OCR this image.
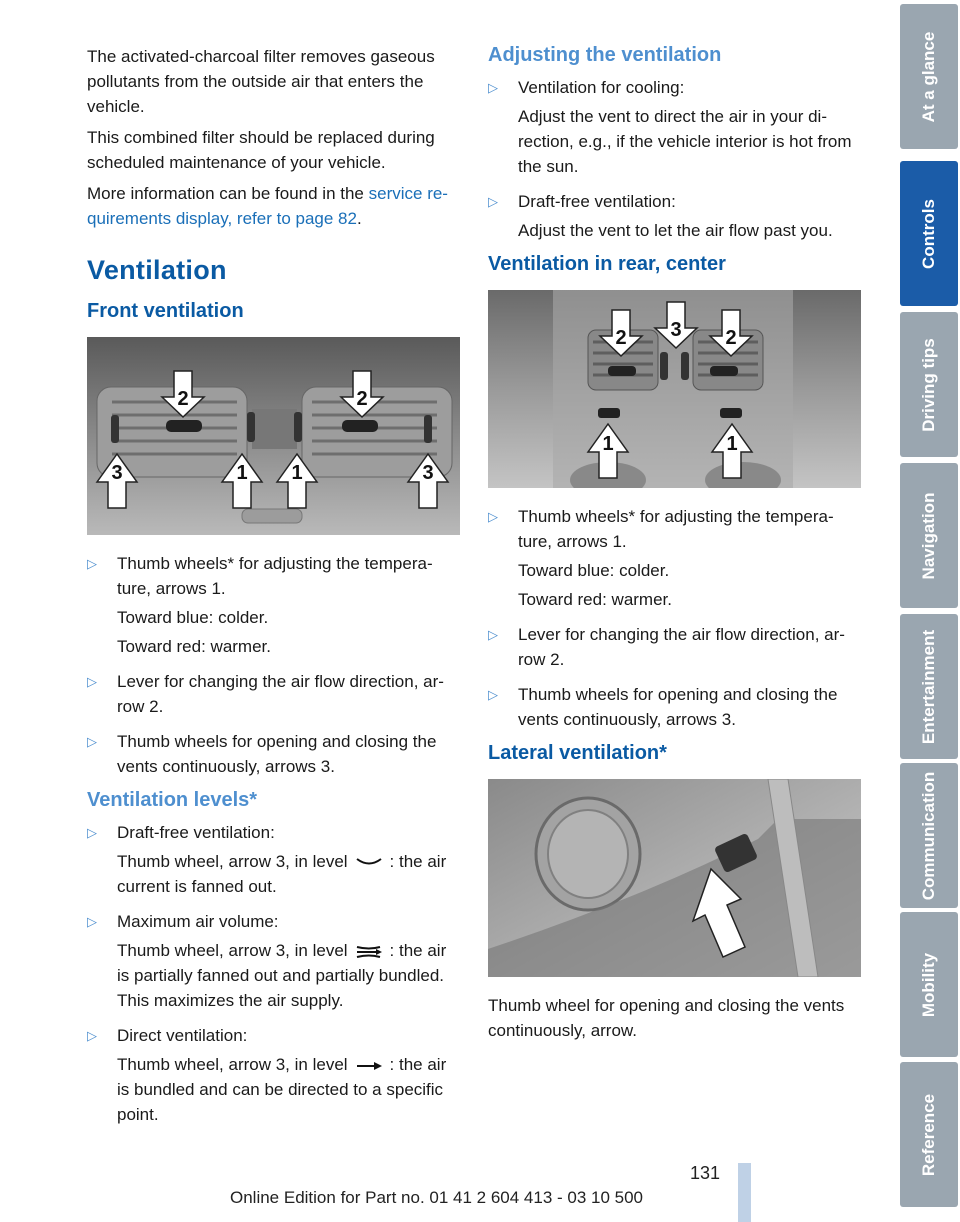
The activated-charcoal filter removes gaseous pollutants from the outside air that enters the vehicle.

This combined filter should be replaced during scheduled maintenance of your vehicle.

More information can be found in the service re-quirements display, refer to page 82.

Ventilation
Front ventilation
2	2
3	1 1	3
▷ Thumb wheels* for adjusting the tempera-ture, arrows 1.

Toward blue: colder.

Toward red: warmer.

▷ Lever for changing the air flow direction, ar-row 2.

▷ Thumb wheels for opening and closing the vents continuously, arrows 3.

Ventilation levels*
▷ Draft-free ventilation:

Thumb wheel, arrow 3, in level : the air current is fanned out.

▷ Maximum air volume:

Thumb wheel, arrow 3, in level : the air is partially fanned out and partially bundled. This maximizes the air supply.

▷ Direct ventilation:

Thumb wheel, arrow 3, in level : the air is bundled and can be directed to a specific point.

Adjusting the ventilation
▷ Ventilation for cooling:

Adjust the vent to direct the air in your di-rection, e.g., if the vehicle interior is hot from the sun.

▷ Draft-free ventilation:

Adjust the vent to let the air flow past you.

Ventilation in rear, center
2 3 2
1	1
▷ Thumb wheels* for adjusting the tempera-ture, arrows 1.

Toward blue: colder.

Toward red: warmer.

▷ Lever for changing the air flow direction, ar-row 2.

▷ Thumb wheels for opening and closing the vents continuously, arrows 3.

Lateral ventilation*

Thumb wheel for opening and closing the vents continuously, arrow.

At a glance
Controls
Driving tips
Navigation
Entertainment
Communication
Mobility
Reference
131
Online Edition for Part no. 01 41 2 604 413 - 03 10 500
